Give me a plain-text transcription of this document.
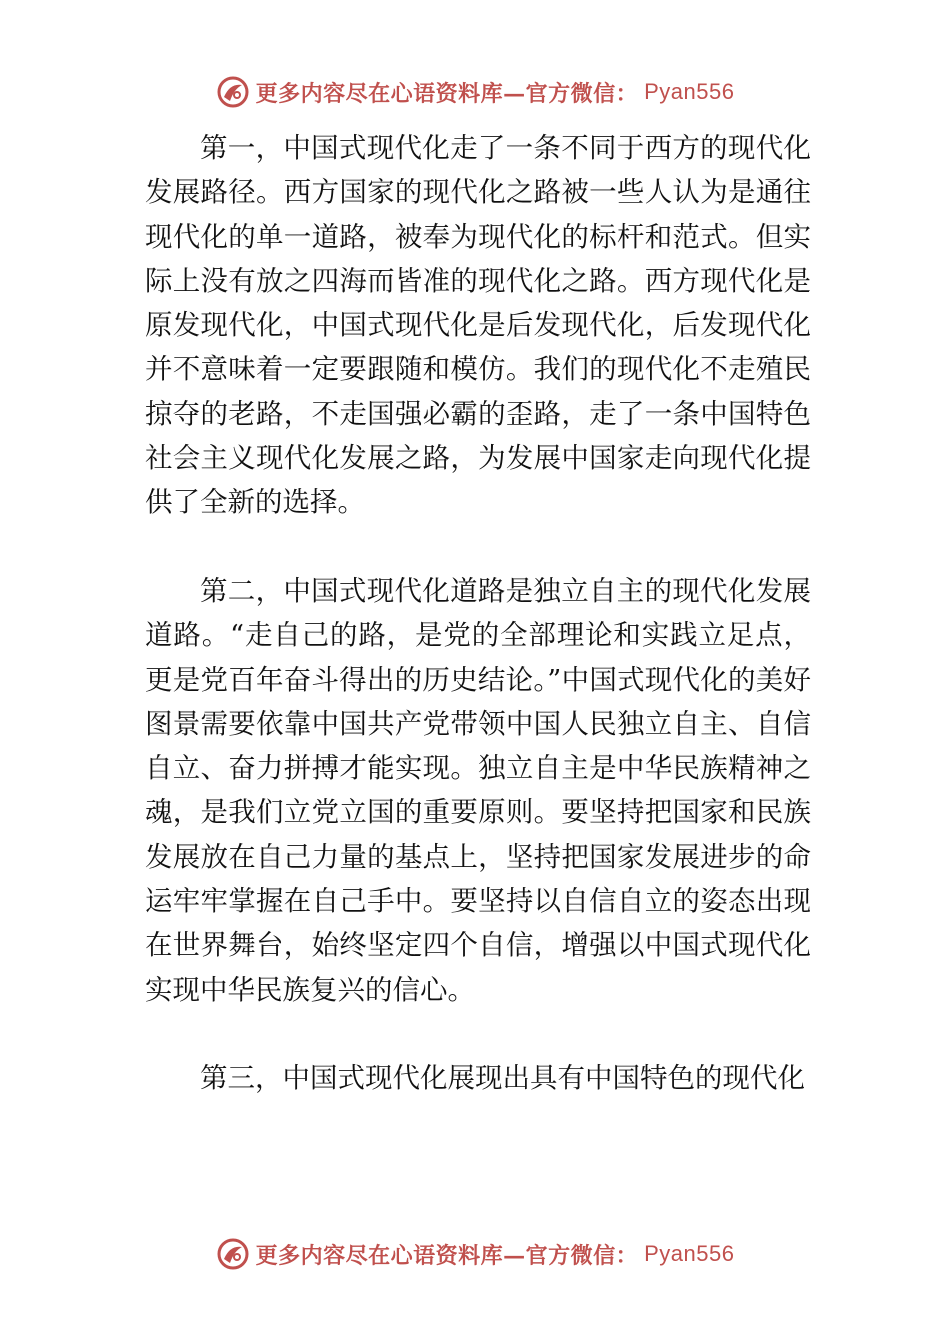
更多内容尽在心语资料库—官方微信： Pyan556

第一，中国式现代化走了一条不同于西方的现代化发展路径。西方国家的现代化之路被一些人认为是通往现代化的单一道路，被奉为现代化的标杆和范式。但实际上没有放之四海而皆准的现代化之路。西方现代化是原发现代化，中国式现代化是后发现代化，后发现代化并不意味着一定要跟随和模仿。我们的现代化不走殖民掠夺的老路，不走国强必霸的歪路，走了一条中国特色社会主义现代化发展之路，为发展中国家走向现代化提供了全新的选择。

第二，中国式现代化道路是独立自主的现代化发展道路。“走自己的路，是党的全部理论和实践立足点，更是党百年奋斗得出的历史结论。”中国式现代化的美好图景需要依靠中国共产党带领中国人民独立自主、自信自立、奋力拼搏才能实现。独立自主是中华民族精神之魂，是我们立党立国的重要原则。要坚持把国家和民族发展放在自己力量的基点上，坚持把国家发展进步的命运牢牢掌握在自己手中。要坚持以自信自立的姿态出现在世界舞台，始终坚定四个自信，增强以中国式现代化实现中华民族复兴的信心。

第三，中国式现代化展现出具有中国特色的现代化

更多内容尽在心语资料库—官方微信： Pyan556
